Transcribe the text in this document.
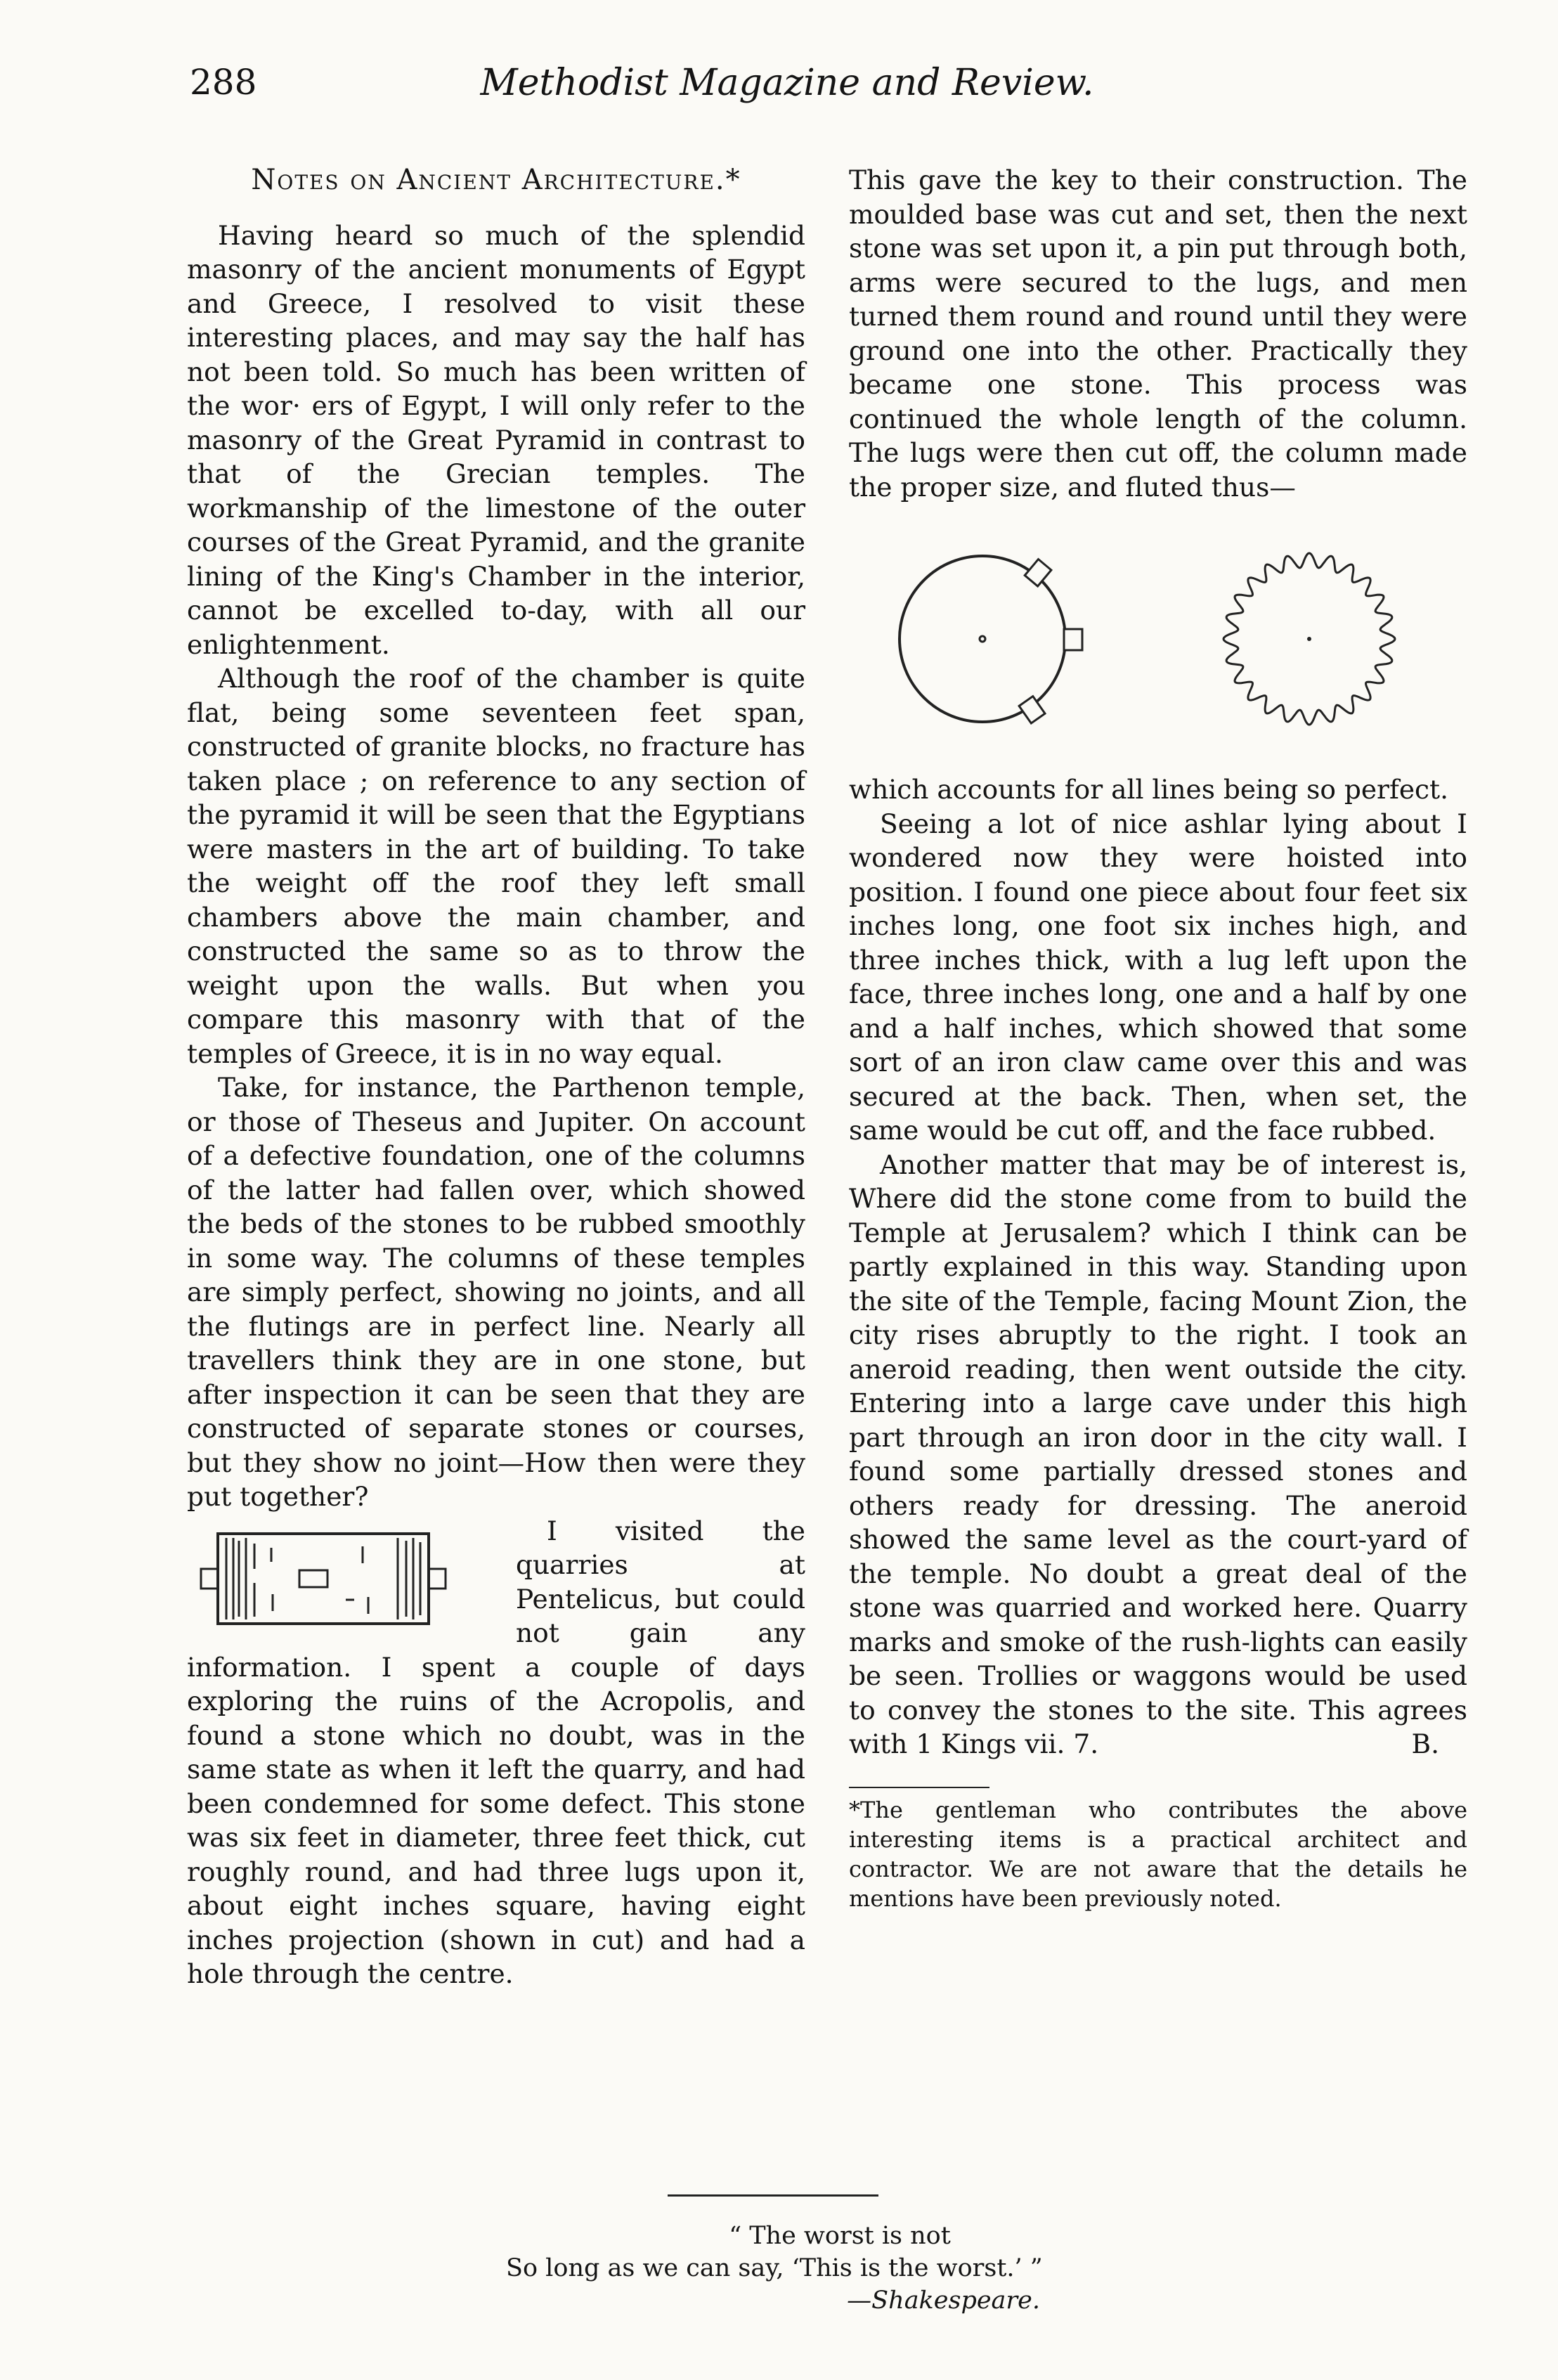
288	Methodist Magazine and Review.
Notes on Ancient Architecture.*

Having heard so much of the splendid masonry of the ancient monuments of Egypt and Greece, I resolved to visit these interesting places, and may say the half has not been told. So much has been written of the wor· ers of Egypt, I will only refer to the masonry of the Great Pyramid in contrast to that of the Grecian temples. The workmanship of the limestone of the outer courses of the Great Pyramid, and the granite lining of the King's Chamber in the interior, cannot be excelled to-day, with all our enlightenment.

Although the roof of the chamber is quite flat, being some seventeen feet span, constructed of granite blocks, no fracture has taken place ; on reference to any section of the pyramid it will be seen that the Egyptians were masters in the art of building. To take the weight off the roof they left small chambers above the main chamber, and constructed the same so as to throw the weight upon the walls. But when you compare this masonry with that of the temples of Greece, it is in no way equal.

Take, for instance, the Parthenon temple, or those of Theseus and Jupiter. On account of a defective foundation, one of the columns of the latter had fallen over, which showed the beds of the stones to be rubbed smoothly in some way. The columns of these temples are simply perfect, showing no joints, and all the flutings are in perfect line. Nearly all travellers think they are in one stone, but after inspection it can be seen that they are constructed of separate stones or courses, but they show no joint—How then were they put together?

I visited the quarries at Pentelicus, but could not gain any information. I spent a couple of days exploring the ruins of the Acropolis, and found a stone which no doubt, was in the same state as when it left the quarry, and had been condemned for some defect. This stone was six feet in diameter, three feet thick, cut roughly round, and had three lugs upon it, about eight inches square, having eight inches projection (shown in cut) and had a hole through the centre.

This gave the key to their construction. The moulded base was cut and set, then the next stone was set upon it, a pin put through both, arms were secured to the lugs, and men turned them round and round until they were ground one into the other. Practically they became one stone. This process was continued the whole length of the column. The lugs were then cut off, the column made the proper size, and fluted thus—

which accounts for all lines being so perfect.

Seeing a lot of nice ashlar lying about I wondered now they were hoisted into position. I found one piece about four feet six inches long, one foot six inches high, and three inches thick, with a lug left upon the face, three inches long, one and a half by one and a half inches, which showed that some sort of an iron claw came over this and was secured at the back. Then, when set, the same would be cut off, and the face rubbed.

Another matter that may be of interest is, Where did the stone come from to build the Temple at Jerusalem? which I think can be partly explained in this way. Standing upon the site of the Temple, facing Mount Zion, the city rises abruptly to the right. I took an aneroid reading, then went outside the city. Entering into a large cave under this high part through an iron door in the city wall. I found some partially dressed stones and others ready for dressing. The aneroid showed the same level as the court-yard of the temple. No doubt a great deal of the stone was quarried and worked here. Quarry marks and smoke of the rush-lights can easily be seen. Trollies or waggons would be used to convey the stones to the site. This agrees with 1 Kings vii. 7.	B.

*The gentleman who contributes the above interesting items is a practical architect and contractor. We are not aware that the details he mentions have been previously noted.
“ The worst is not
So long as we can say, ‘This is the worst.’ ”
—Shakespeare.
